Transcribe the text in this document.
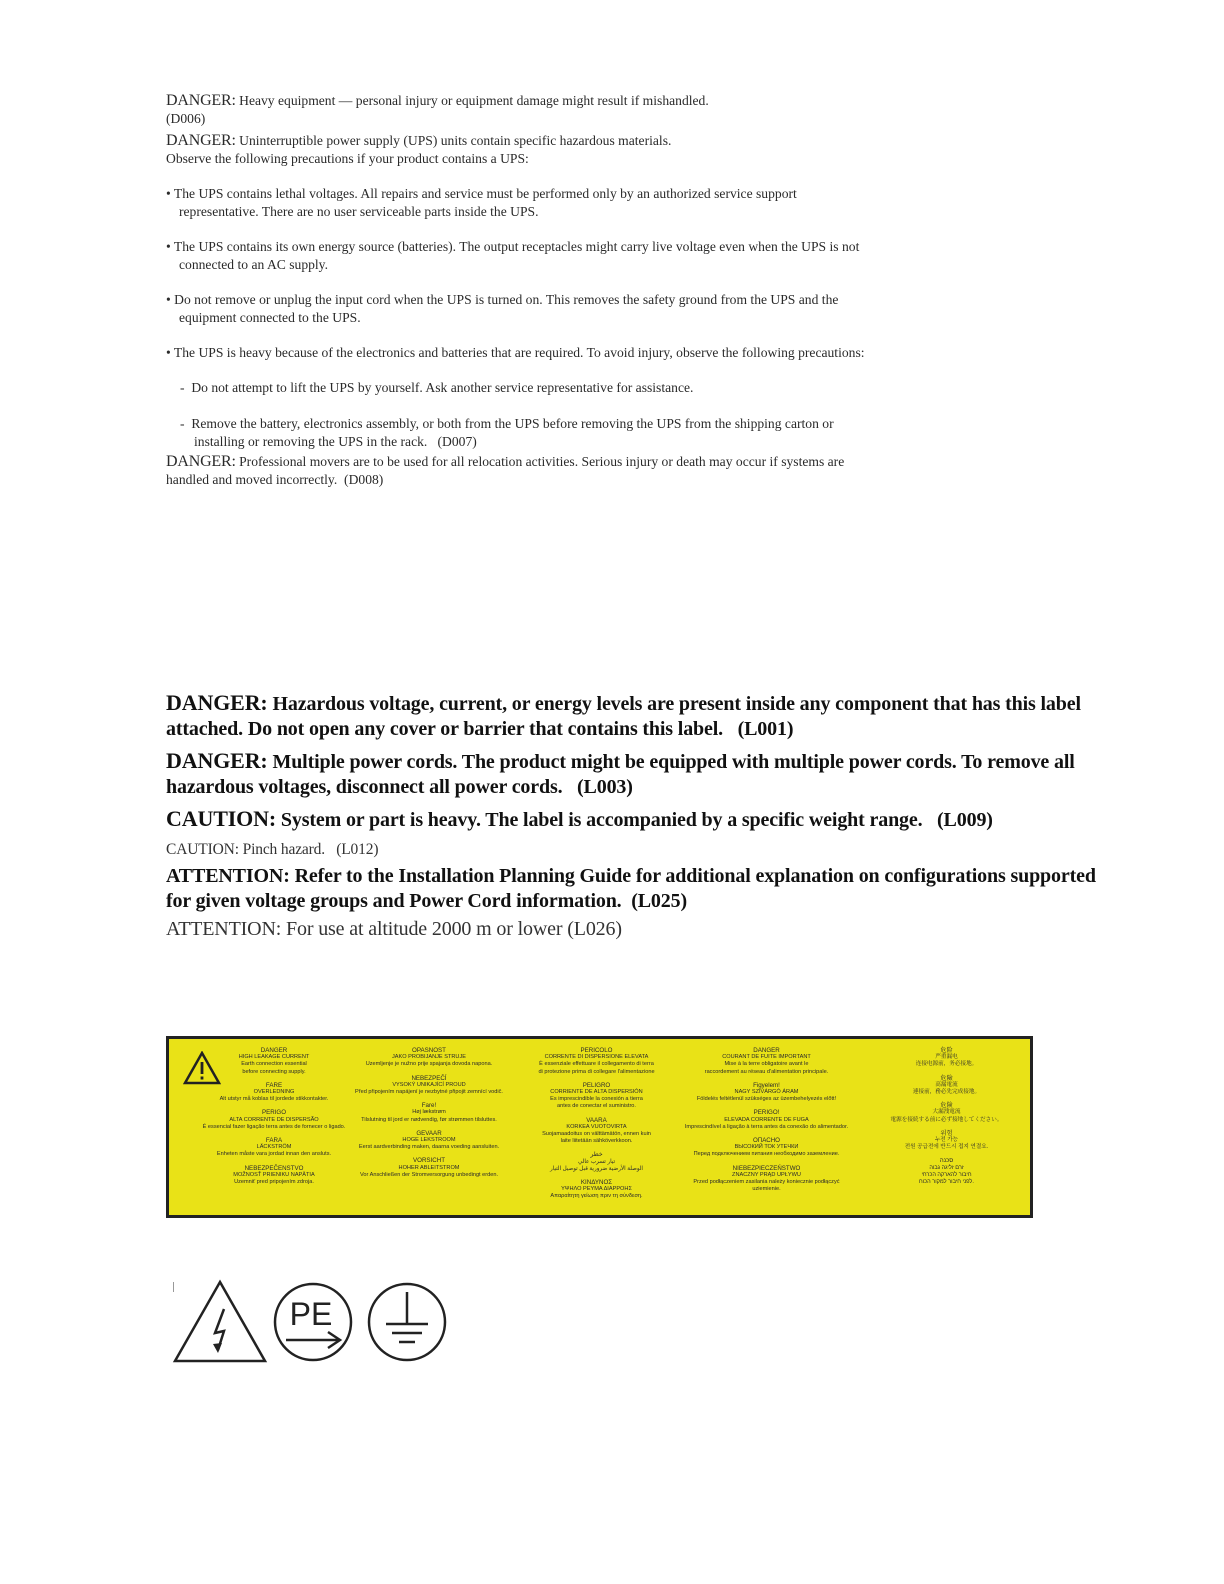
DANGER: Heavy equipment — personal injury or equipment damage might result if mishandled.
(D006)

DANGER: Uninterruptible power supply (UPS) units contain specific hazardous materials.
Observe the following precautions if your product contains a UPS:

• The UPS contains lethal voltages. All repairs and service must be performed only by an authorized service support representative. There are no user serviceable parts inside the UPS.

• The UPS contains its own energy source (batteries). The output receptacles might carry live voltage even when the UPS is not connected to an AC supply.

• Do not remove or unplug the input cord when the UPS is turned on. This removes the safety ground from the UPS and the equipment connected to the UPS.

• The UPS is heavy because of the electronics and batteries that are required. To avoid injury, observe the following precautions:

-  Do not attempt to lift the UPS by yourself. Ask another service representative for assistance.

-  Remove the battery, electronics assembly, or both from the UPS before removing the UPS from the shipping carton or installing or removing the UPS in the rack. (D007)

DANGER: Professional movers are to be used for all relocation activities. Serious injury or death may occur if systems are handled and moved incorrectly. (D008)

DANGER: Hazardous voltage, current, or energy levels are present inside any component that has this label attached. Do not open any cover or barrier that contains this label. (L001)

DANGER: Multiple power cords. The product might be equipped with multiple power cords. To remove all hazardous voltages, disconnect all power cords. (L003)

CAUTION: System or part is heavy. The label is accompanied by a specific weight range. (L009)

CAUTION: Pinch hazard. (L012)

ATTENTION: Refer to the Installation Planning Guide for additional explanation on configurations supported for given voltage groups and Power Cord information. (L025)

ATTENTION: For use at altitude 2000 m or lower (L026)

DANGER
HIGH LEAKAGE CURRENT
Earth connection essential
before connecting supply.
FARE
OVERLEDNING
Alt utstyr må koblas til jordede stikkontakter.
PERIGO
ALTA CORRENTE DE DISPERSÃO
É essencial fazer ligação terra antes de fornecer o ligado.
FARA
LÄCKSTRÖM
Enheten måste vara jordad innan den ansluts.
NEBEZPEČENSTVO
MOŽNOSŤ PRIENIKU NAPÄTIA
Uzemniť pred pripojením zdroja.
OPASNOST
JAKO PROBIJANJE STRUJE
Uzemljenje je nužno prije spajanja dovoda napona.
NEBEZPEČÍ
VYSOKÝ UNIKAJÍCÍ PROUD
Před připojením napájení je nezbytné připojit zemnící vodič.
Fare!
Høj lækstrøm
Tilslutning til jord er nødvendig, før strømmen tilsluttes.
GEVAAR
HOGE LEKSTROOM
Eerst aardverbinding maken, daarna voeding aansluiten.
VORSICHT
HOHER ABLEITSTROM
Vor Anschließen der Stromversorgung unbedingt erden.
PERICOLO
CORRENTE DI DISPERSIONE ELEVATA
È essenziale effettuare il collegamento di terra
di protezione prima di collegare l'alimentazione
PELIGRO
CORRIENTE DE ALTA DISPERSIÓN
Es imprescindible la conexión a tierra
antes de conectar el suministro.
VAARA
KORKEA VUOTOVIRTA
Suojamaadoitus on välttämätön, ennen kuin
laite liitetään sähköverkkoon.
خطر
تيار تسرب عالي
الوصلة الأرضية ضرورية قبل توصيل التيار
ΚΙΝΔΥΝΟΣ
ΥΨΗΛΟ ΡΕΥΜΑ ΔΙΑΡΡΟΗΣ
Απαραίτητη γείωση πριν τη σύνδεση.
DANGER
COURANT DE FUITE IMPORTANT
Mise à la terre obligatoire avant le
raccordement au réseau d'alimentation principale.
Figyelem!
NAGY SZIVÁRGÓ ÁRAM
Földelés feltétlenül szükséges az üzembehelyezés előtt!
PERIGO!
ELEVADA CORRENTE DE FUGA
Imprescindível a ligação à terra antes da conexão do alimentador.
ОПАСНО
ВЫСОКИЙ ТОК УТЕЧКИ
Перед подключением питания необходимо заземление.
NIEBEZPIECZEŃSTWO
ZNACZNY PRĄD UPŁYWU
Przed podłączeniem zasilania należy koniecznie podłączyć uziemienie.
危险
严重漏电
连接电源前，务必接地。
危險
高漏電流
連接前，務必先完成接地。
危険
大漏洩電流
電源を接続する前に必ず接地してください。
위험
누전 가능
전원 공급전에 반드시 접지 연결요.
סכנה
זרם זליגה גבוה
חיבור להארקה הכרחי
לפני חיבור למקור הכוח.
PE
